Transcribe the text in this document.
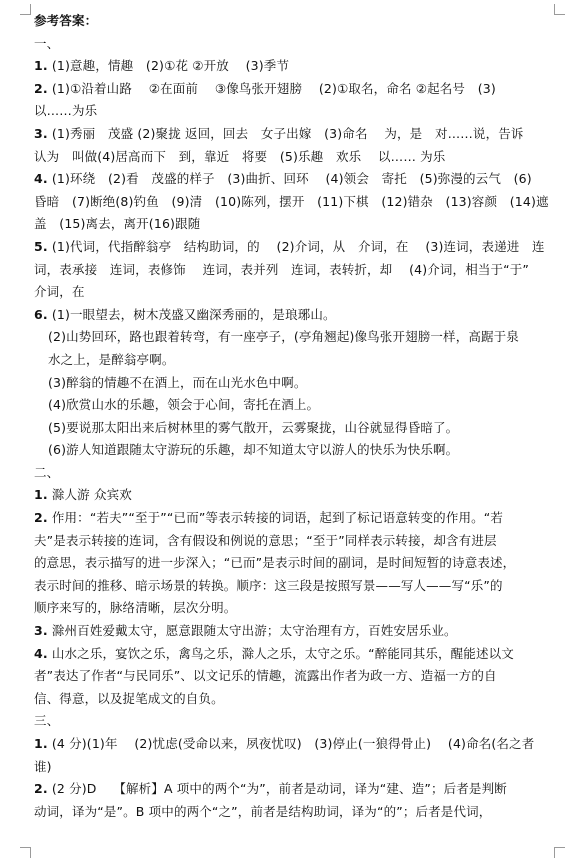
参考答案：
一、
1. (1)意趣，情趣　(2)①花 ②开放　 (3)季节
2. (1)①沿着山路　 ②在面前　 ③像鸟张开翅膀　 (2)①取名，命名 ②起名号　(3)
以……为乐
3. (1)秀丽　茂盛 (2)聚拢 返回，回去　女子出嫁　(3)命名　 为，是　对……说，告诉
认为　叫做(4)居高而下　到，靠近　将要　(5)乐趣　欢乐　 以…… 为乐
4. (1)环绕　(2)看　茂盛的样子　(3)曲折、回环　 (4)领会　寄托　(5)弥漫的云气　(6)
昏暗　(7)断绝(8)钓鱼　(9)清　(10)陈列，摆开　(11)下棋　(12)错杂　(13)容颜　(14)遮
盖　(15)离去，离开(16)跟随
5. (1)代词，代指醉翁亭　结构助词，的　 (2)介词，从　介词，在　 (3)连词，表递进　连
词，表承接　连词，表修饰　 连词，表并列　连词，表转折，却　 (4)介词，相当于“于”
介词，在
6. (1)一眼望去，树木茂盛又幽深秀丽的，是琅琊山。
(2)山势回环，路也跟着转弯，有一座亭子，(亭角翘起)像鸟张开翅膀一样，高踞于泉
水之上，是醉翁亭啊。
(3)醉翁的情趣不在酒上，而在山光水色中啊。
(4)欣赏山水的乐趣，领会于心间，寄托在酒上。
(5)要说那太阳出来后树林里的雾气散开，云雾聚拢，山谷就显得昏暗了。
(6)游人知道跟随太守游玩的乐趣，却不知道太守以游人的快乐为快乐啊。
二、
1. 滁人游 众宾欢
2. 作用：“若夫”“至于”“已而”等表示转接的词语，起到了标记语意转变的作用。“若
夫”是表示转接的连词，含有假设和例说的意思；“至于”同样表示转接，却含有进层
的意思，表示描写的进一步深入；“已而”是表示时间的副词，是时间短暂的诗意表述，
表示时间的推移、暗示场景的转换。顺序：这三段是按照写景——写人——写“乐”的
顺序来写的，脉络清晰，层次分明。
3. 滁州百姓爱戴太守，愿意跟随太守出游；太守治理有方，百姓安居乐业。
4. 山水之乐，宴饮之乐，禽鸟之乐，滁人之乐，太守之乐。“醉能同其乐，醒能述以文
者”表达了作者“与民同乐”、以文记乐的情趣，流露出作者为政一方、造福一方的自
信、得意，以及捉笔成文的自负。
三、
1. (4 分)(1)年　 (2)忧虑(受命以来，夙夜忧叹)　(3)停止(一狼得骨止)　 (4)命名(名之者
谁)
2. (2 分)D　 【解析】A 项中的两个“为”，前者是动词，译为“建、造”；后者是判断
动词，译为“是”。B 项中的两个“之”，前者是结构助词，译为“的”；后者是代词，
